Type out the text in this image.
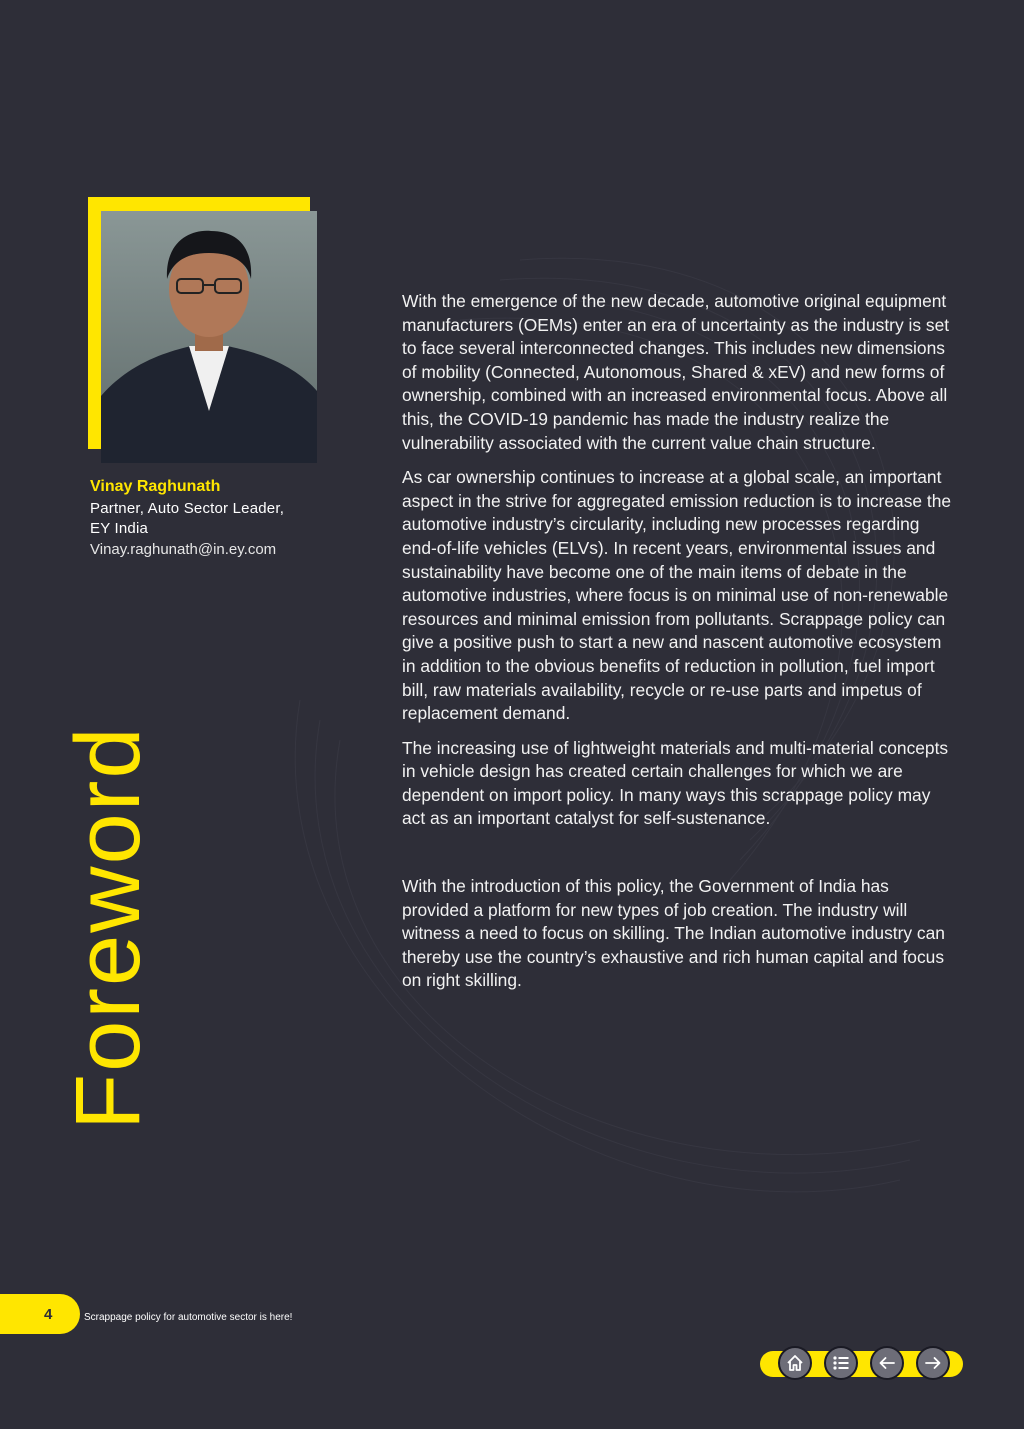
Vinay Raghunath

Partner, Auto Sector Leader,

EY India

Vinay.raghunath@in.ey.com

Foreword

With the emergence of the new decade, automotive original equipment manufacturers (OEMs) enter an era of uncertainty as the industry is set to face several interconnected changes. This includes new dimensions of mobility (Connected, Autonomous, Shared & xEV) and new forms of ownership, combined with an increased environmental focus. Above all this, the COVID-19 pandemic has made the industry realize the vulnerability associated with the current value chain structure.

As car ownership continues to increase at a global scale, an important aspect in the strive for aggregated emission reduction is to increase the automotive industry’s circularity, including new processes regarding end-of-life vehicles (ELVs). In recent years, environmental issues and sustainability have become one of the main items of debate in the automotive industries, where focus is on minimal use of non-renewable resources and minimal emission from pollutants. Scrappage policy can give a positive push to start a new and nascent automotive ecosystem in addition to the obvious benefits of reduction in pollution, fuel import bill, raw materials availability, recycle or re-use parts and impetus of replacement demand.

The increasing use of lightweight materials and multi-material concepts in vehicle design has created certain challenges for which we are dependent on import policy. In many ways this scrappage policy may act as an important catalyst for self-sustenance.

With the introduction of this policy, the Government of India has provided a platform for new types of job creation. The industry will witness a need to focus on skilling. The Indian automotive industry can thereby use the country’s exhaustive and rich human capital and focus on right skilling.

4	Scrappage policy for automotive sector is here!
